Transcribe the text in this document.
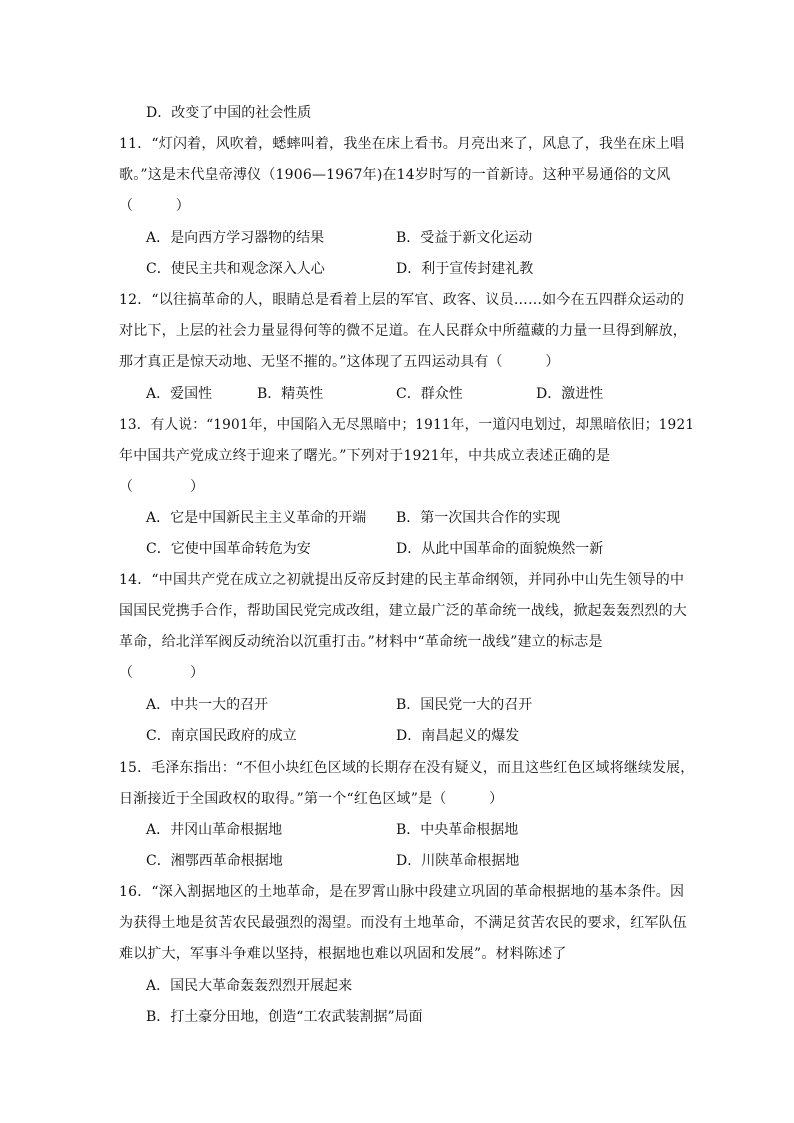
D．改变了中国的社会性质
11．“灯闪着，风吹着，蟋蟀叫着，我坐在床上看书。月亮出来了，风息了，我坐在床上唱
歌。”这是末代皇帝溥仪（1906—1967年)在14岁时写的一首新诗。这种平易通俗的文风
（　　　）
A．是向西方学习器物的结果	B．受益于新文化运动
C．使民主共和观念深入人心	D．利于宣传封建礼教
12．“以往搞革命的人，眼睛总是看着上层的军官、政客、议员……如今在五四群众运动的
对比下，上层的社会力量显得何等的微不足道。在人民群众中所蕴藏的力量一旦得到解放，
那才真正是惊天动地、无坚不摧的。”这体现了五四运动具有（　　　）
A．爱国性	B．精英性	C．群众性	D．激进性
13．有人说：“1901年，中国陷入无尽黑暗中；1911年，一道闪电划过，却黑暗依旧；1921
年中国共产党成立终于迎来了曙光。”下列对于1921年，中共成立表述正确的是
（　　　　）
A．它是中国新民主主义革命的开端 B．第一次国共合作的实现
C．它使中国革命转危为安	D．从此中国革命的面貌焕然一新
14．“中国共产党在成立之初就提出反帝反封建的民主革命纲领，并同孙中山先生领导的中
国国民党携手合作，帮助国民党完成改组，建立最广泛的革命统一战线，掀起轰轰烈烈的大
革命，给北洋军阀反动统治以沉重打击。”材料中“革命统一战线”建立的标志是
（　　　　）
A．中共一大的召开	B．国民党一大的召开
C．南京国民政府的成立	D．南昌起义的爆发
15．毛泽东指出：“不但小块红色区域的长期存在没有疑义，而且这些红色区域将继续发展，
日渐接近于全国政权的取得。”第一个“红色区域”是（　　　）
A．井冈山革命根据地	B．中央革命根据地
C．湘鄂西革命根据地	D．川陕革命根据地
16．“深入割据地区的土地革命，是在罗霄山脉中段建立巩固的革命根据地的基本条件。因
为获得土地是贫苦农民最强烈的渴望。而没有土地革命，不满足贫苦农民的要求，红军队伍
难以扩大，军事斗争难以坚持，根据地也难以巩固和发展”。材料陈述了
A．国民大革命轰轰烈烈开展起来
B．打土豪分田地，创造“工农武装割据”局面
